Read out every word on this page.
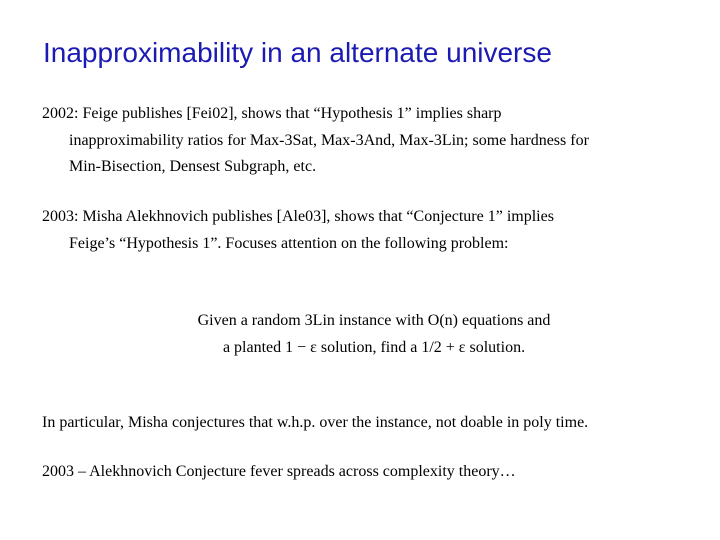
Inapproximability in an alternate universe
2002: Feige publishes [Fei02], shows that “Hypothesis 1” implies sharp
inapproximability ratios for Max-3Sat, Max-3And, Max-3Lin; some hardness for
Min-Bisection, Densest Subgraph, etc.
2003: Misha Alekhnovich publishes [Ale03], shows that “Conjecture 1” implies
Feige’s “Hypothesis 1”. Focuses attention on the following problem:
Given a random 3Lin instance with O(n) equations and
a planted 1 − ε solution, find a 1/2 + ε solution.
In particular, Misha conjectures that w.h.p. over the instance, not doable in poly time.
2003 – Alekhnovich Conjecture fever spreads across complexity theory…
